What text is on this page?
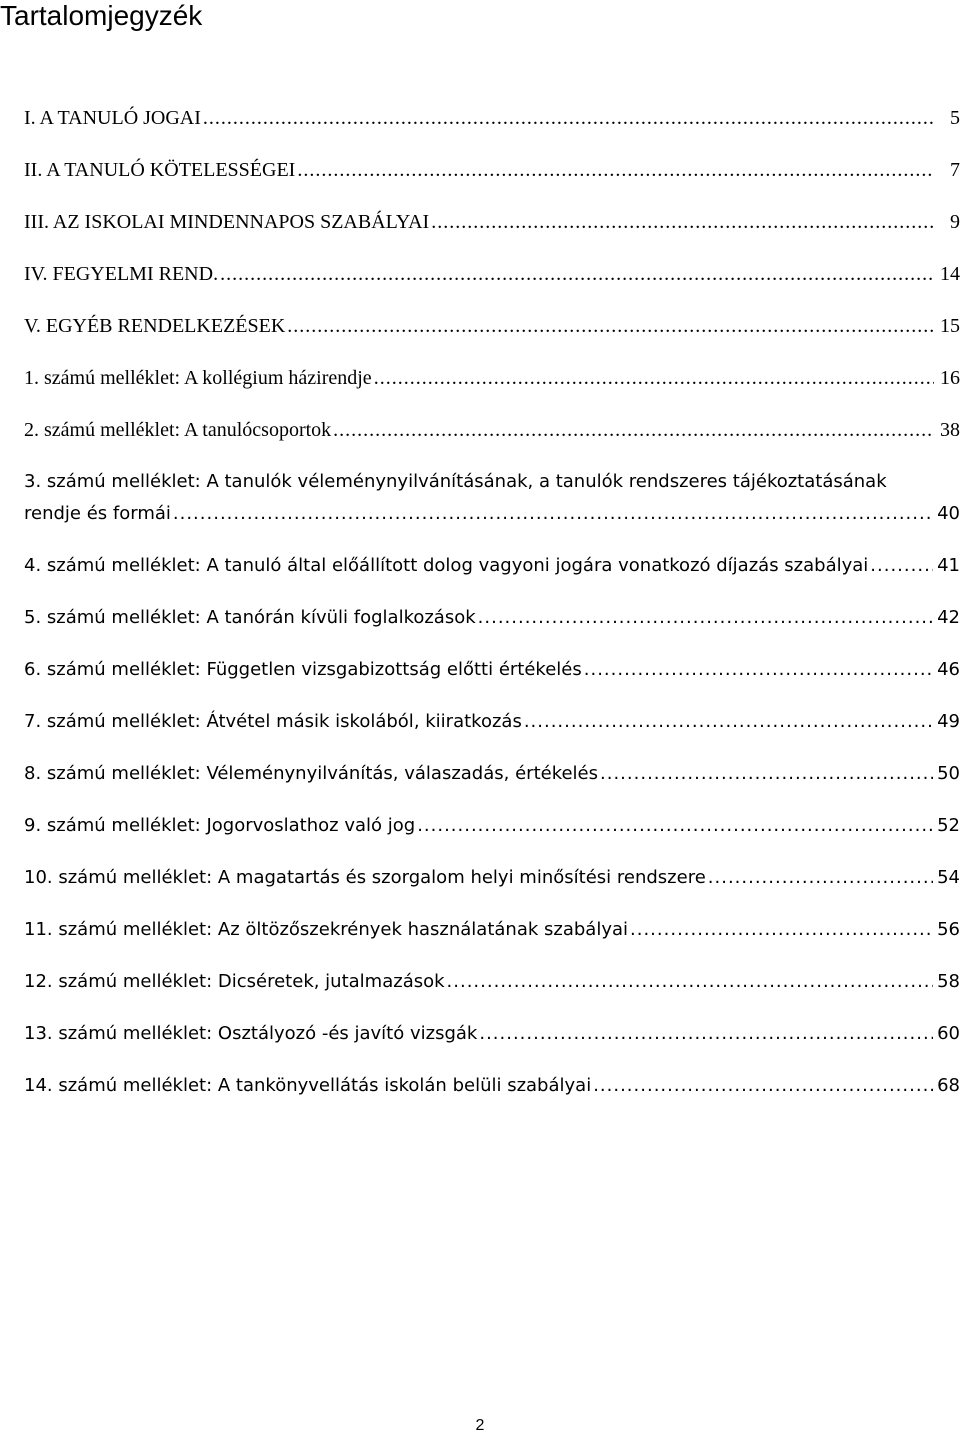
Tartalomjegyzék
I. A TANULÓ JOGAI .....	5
II. A TANULÓ KÖTELESSÉGEI .....	7
III. AZ ISKOLAI MINDENNAPOS SZABÁLYAI .....	9
IV. FEGYELMI REND. .....	14
V. EGYÉB RENDELKEZÉSEK .....	15
1. számú melléklet: A kollégium házirendje .....	16
2. számú melléklet: A tanulócsoportok .....	38
3. számú melléklet: A tanulók véleménynyilvánításának, a tanulók rendszeres tájékoztatásának
rendje és formái .....	40
4. számú melléklet: A tanuló által előállított dolog vagyoni jogára vonatkozó díjazás szabályai .....	41
5. számú melléklet: A tanórán kívüli foglalkozások .....	42
6. számú melléklet: Független vizsgabizottság előtti értékelés .....	46
7. számú melléklet: Átvétel másik iskolából, kiiratkozás .....	49
8. számú melléklet: Véleménynyilvánítás, válaszadás, értékelés .....	50
9. számú melléklet: Jogorvoslathoz való jog .....	52
10. számú melléklet: A magatartás és szorgalom helyi minősítési rendszere .....	54
11. számú melléklet: Az öltözőszekrények használatának szabályai .....	56
12. számú melléklet: Dicséretek, jutalmazások .....	58
13. számú melléklet: Osztályozó -és javító vizsgák .....	60
14. számú melléklet: A tankönyvellátás iskolán belüli szabályai .....	68
2
